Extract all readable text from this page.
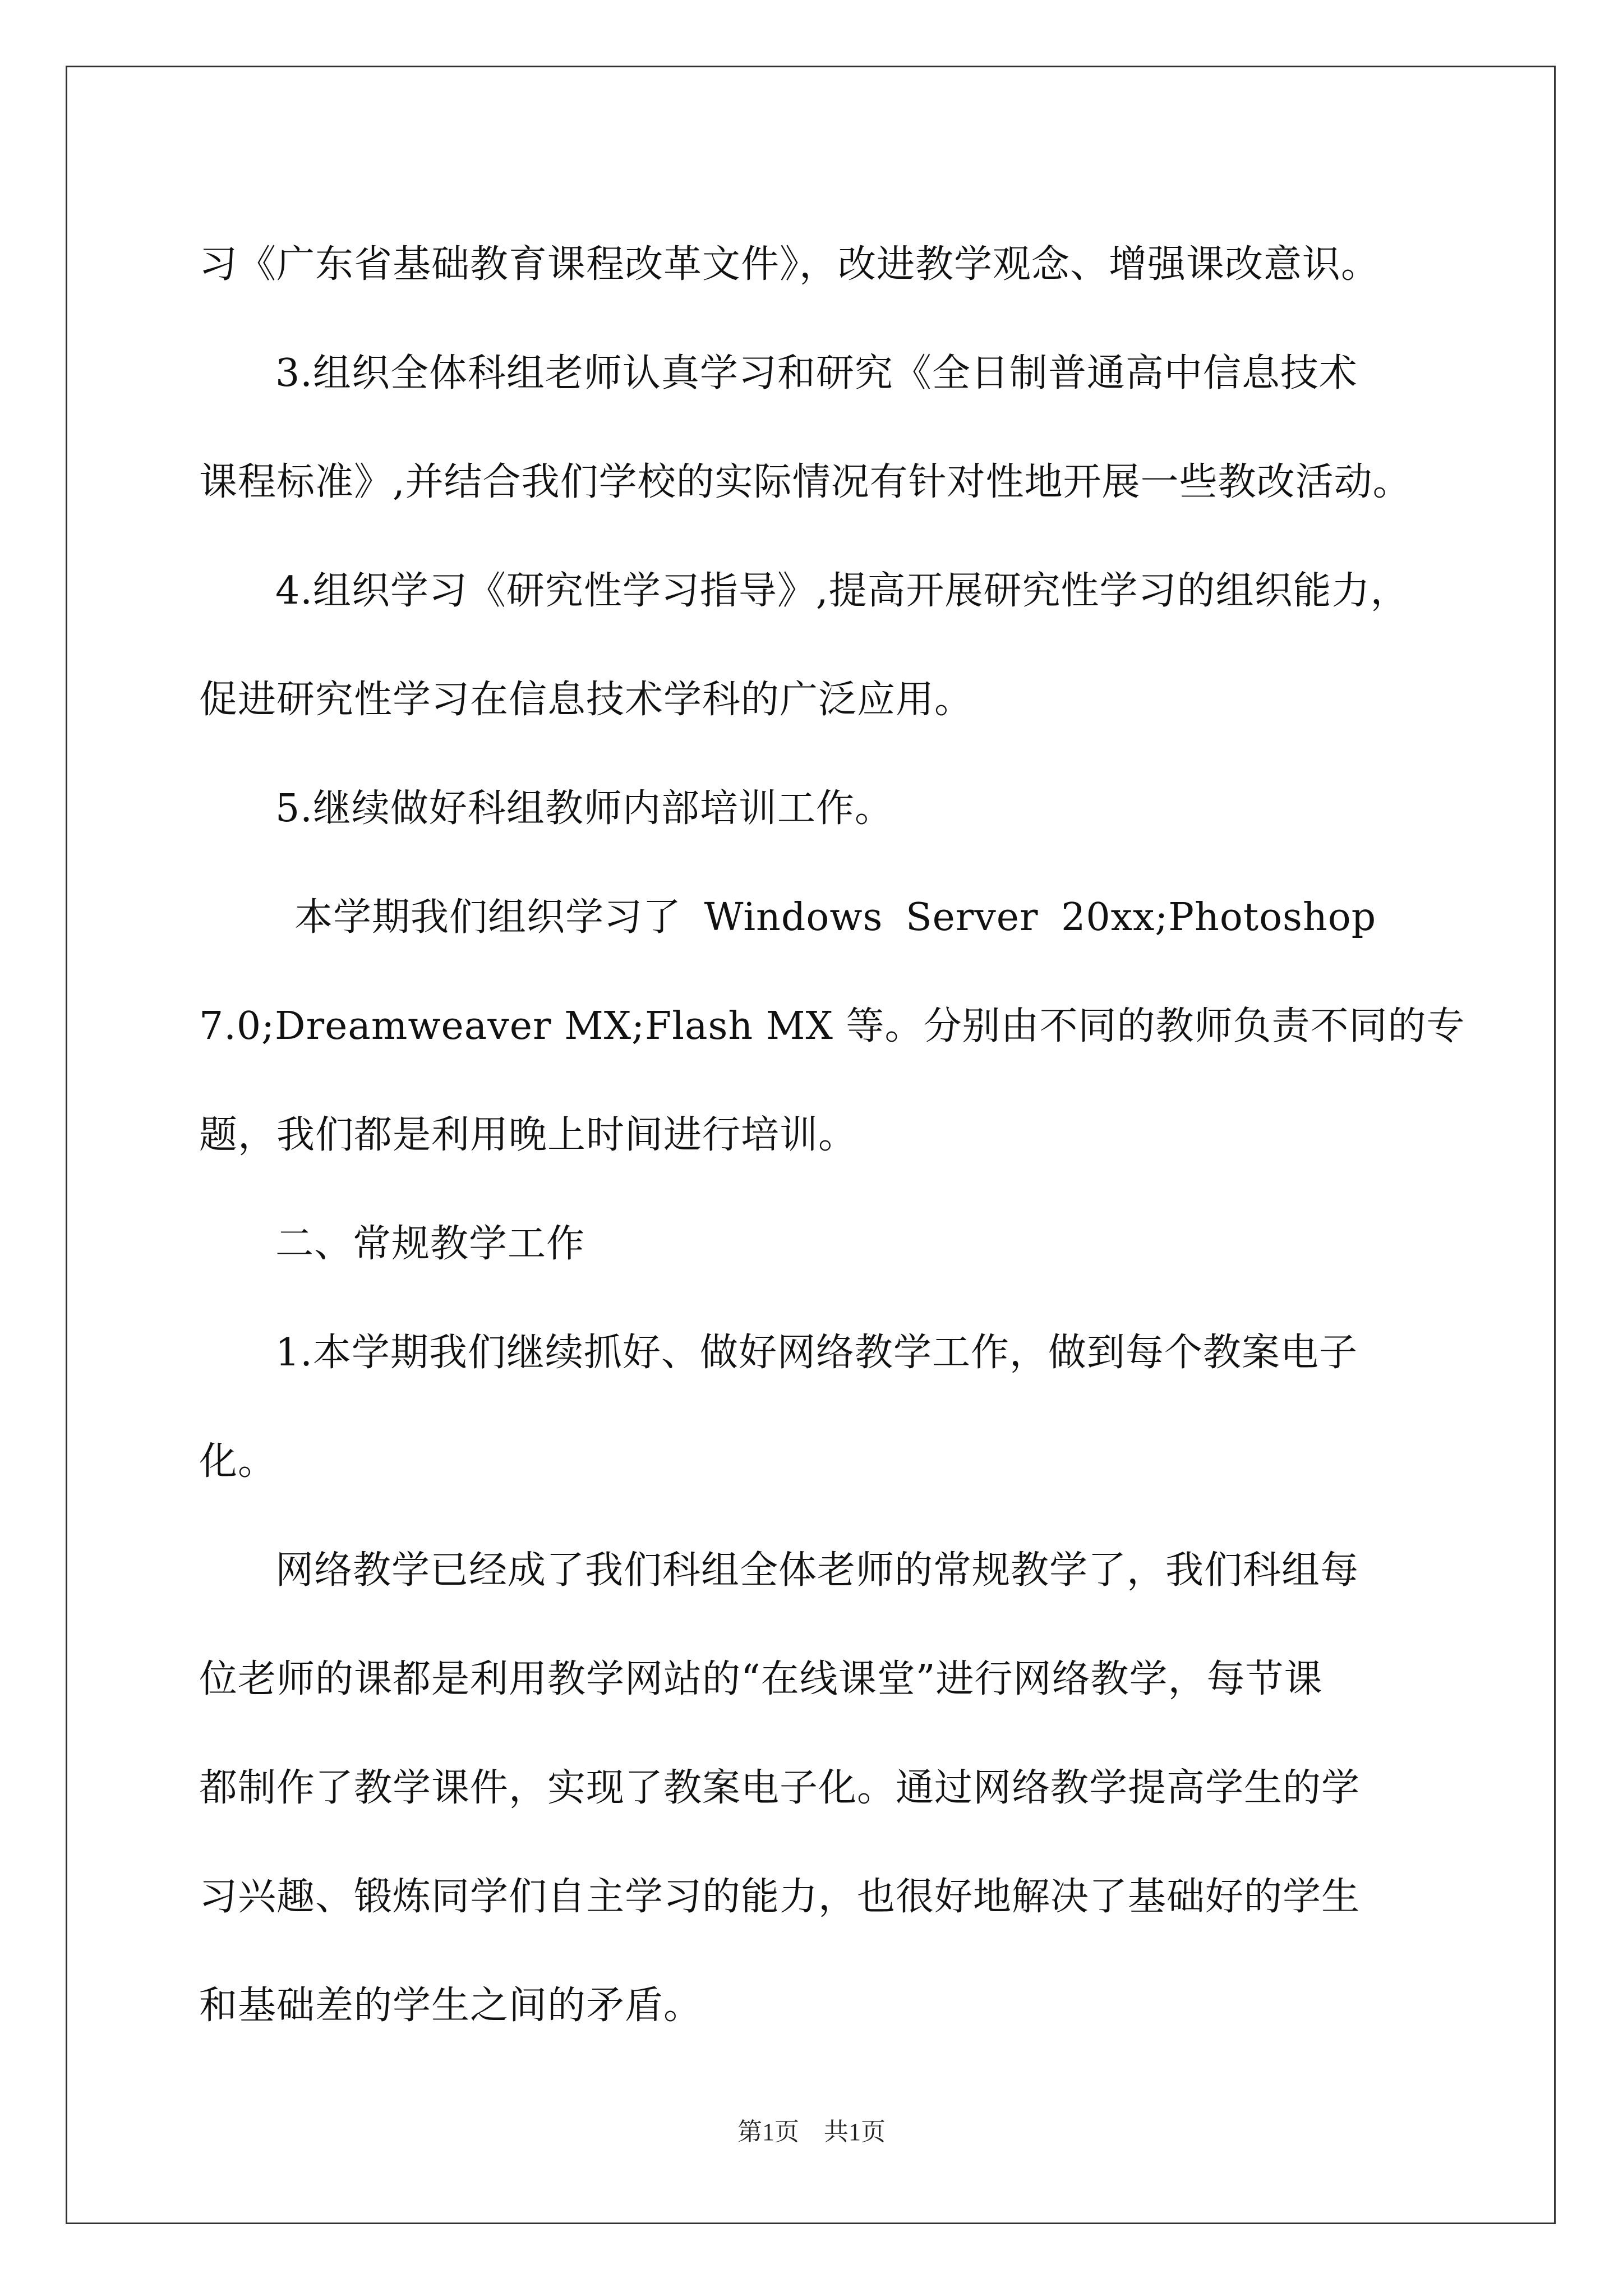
习《广东省基础教育课程改革文件》，改进教学观念、增强课改意识。
3.组织全体科组老师认真学习和研究《全日制普通高中信息技术
课程标准》,并结合我们学校的实际情况有针对性地开展一些教改活动。
4.组织学习《研究性学习指导》,提高开展研究性学习的组织能力，
促进研究性学习在信息技术学科的广泛应用。
5.继续做好科组教师内部培训工作。
本学期我们组织学习了 Windows Server 20xx;Photoshop
7.0;Dreamweaver MX;Flash MX 等。分别由不同的教师负责不同的专
题，我们都是利用晚上时间进行培训。
二、常规教学工作
1.本学期我们继续抓好、做好网络教学工作，做到每个教案电子
化。
网络教学已经成了我们科组全体老师的常规教学了，我们科组每
位老师的课都是利用教学网站的“在线课堂”进行网络教学，每节课
都制作了教学课件，实现了教案电子化。通过网络教学提高学生的学
习兴趣、锻炼同学们自主学习的能力，也很好地解决了基础好的学生
和基础差的学生之间的矛盾。
第1页　共1页
